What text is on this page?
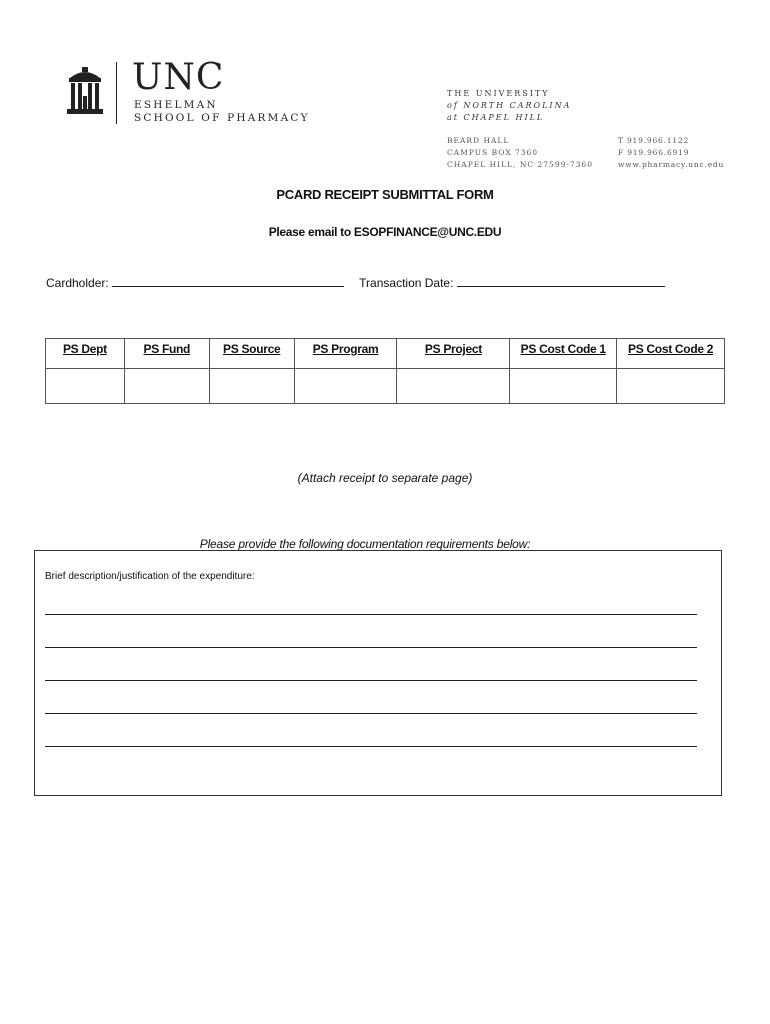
UNC
ESHELMAN
SCHOOL OF PHARMACY
THE UNIVERSITY
of NORTH CAROLINA
at CHAPEL HILL
BEARD HALL
CAMPUS BOX 7360
CHAPEL HILL, NC 27599-7360
T 919.966.1122
F 919.966.6919
www.pharmacy.unc.edu
PCARD RECEIPT SUBMITTAL FORM
Please email to ESOPFINANCE@UNC.EDU
Cardholder:	Transaction Date:
PS Dept	PS Fund	PS Source	PS Program	PS Project	PS Cost Code 1	PS Cost Code 2

(Attach receipt to separate page)
Please provide the following documentation requirements below:
Brief description/justification of the expenditure:
